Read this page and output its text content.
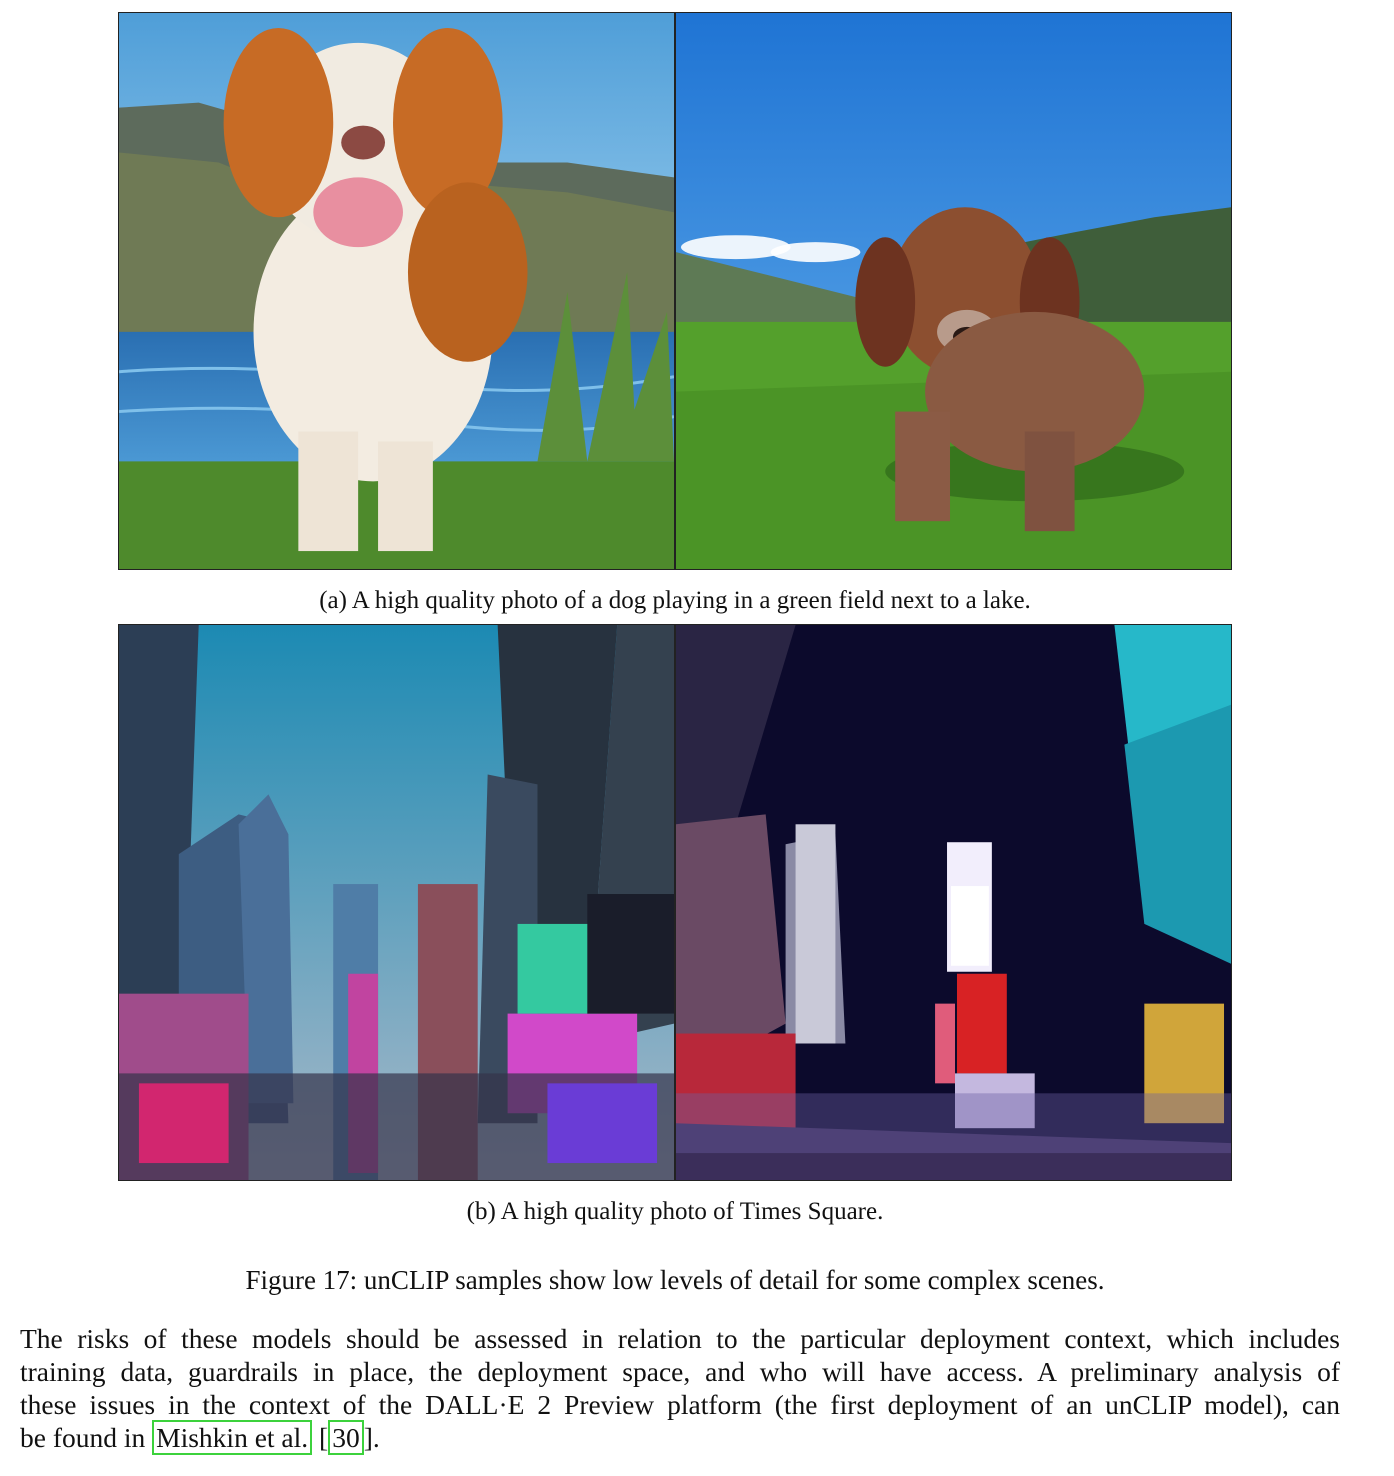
(a) A high quality photo of a dog playing in a green field next to a lake.
(b) A high quality photo of Times Square.
Figure 17: unCLIP samples show low levels of detail for some complex scenes.

The risks of these models should be assessed in relation to the particular deployment context, which includes
training data, guardrails in place, the deployment space, and who will have access. A preliminary analysis of
these issues in the context of the DALL·E 2 Preview platform (the first deployment of an unCLIP model), can
be found in Mishkin et al. [ 30 ].
